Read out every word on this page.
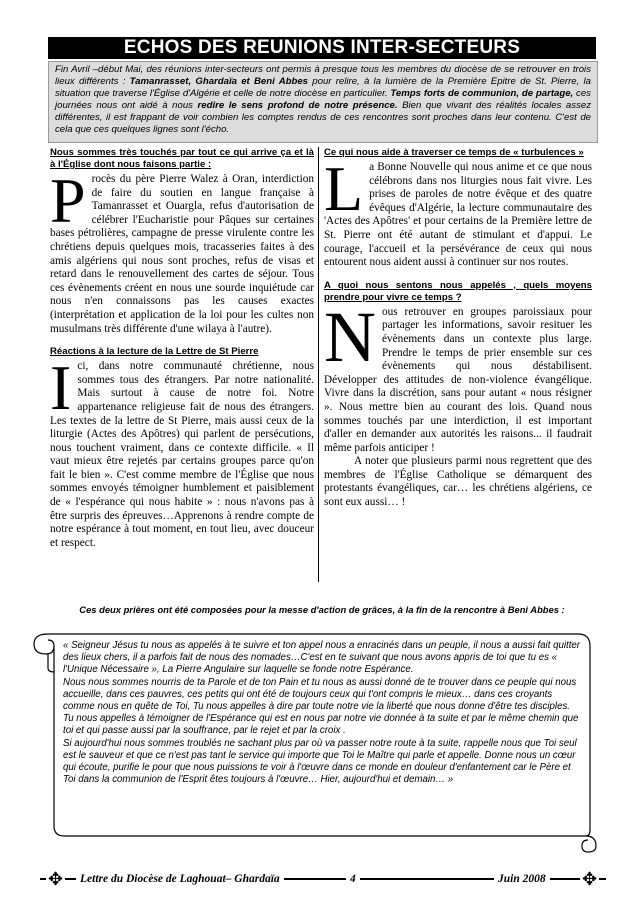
ECHOS DES REUNIONS INTER-SECTEURS
Fin Avril –début Mai, des réunions inter-secteurs ont permis à presque tous les membres du diocèse de se retrouver en trois lieux différents : Tamanrasset, Ghardaïa et Beni Abbes pour relire, à la lumière de la Première Epitre de St. Pierre, la situation que traverse l'Église d'Algérie et celle de notre diocèse en particulier. Temps forts de communion, de partage, ces journées nous ont aidé à nous redire le sens profond de notre présence. Bien que vivant des réalités locales assez différentes, il est frappant de voir combien les comptes rendus de ces rencontres sont proches dans leur contenu. C'est de cela que ces quelques lignes sont l'écho.
Nous sommes très touchés par tout ce qui arrive ça et là à l'Église dont nous faisons partie :

Procès du père Pierre Walez à Oran, interdiction de faire du soutien en langue française à Tamanrasset et Ouargla, refus d'autorisation de célébrer l'Eucharistie pour Pâques sur certaines bases pétrolières, campagne de presse virulente contre les chrétiens depuis quelques mois, tracasseries faites à des amis algériens qui nous sont proches, refus de visas et retard dans le renouvellement des cartes de séjour. Tous ces évènements créent en nous une sourde inquiétude car nous n'en connaissons pas les causes exactes (interprétation et application de la loi pour les cultes non musulmans très différente d'une wilaya à l'autre).

Réactions à la lecture de la Lettre de St Pierre

Ici, dans notre communauté chrétienne, nous sommes tous des étrangers. Par notre nationalité. Mais surtout à cause de notre foi. Notre appartenance religieuse fait de nous des étrangers. Les textes de la lettre de St Pierre, mais aussi ceux de la liturgie (Actes des Apôtres) qui parlent de persécutions, nous touchent vraiment, dans ce contexte difficile. « Il vaut mieux être rejetés par certains groupes parce qu'on fait le bien ». C'est comme membre de l'Église que nous sommes envoyés témoigner humblement et paisiblement de « l'espérance qui nous habite » : nous n'avons pas à être surpris des épreuves…Apprenons à rendre compte de notre espérance à tout moment, en tout lieu, avec douceur et respect.

Ce qui nous aide à traverser ce temps de « turbulences »

La Bonne Nouvelle qui nous anime et ce que nous célébrons dans nos liturgies nous fait vivre. Les prises de paroles de notre évêque et des quatre évêques d'Algérie, la lecture communautaire des 'Actes des Apôtres' et pour certains de la Première lettre de St. Pierre ont été autant de stimulant et d'appui. Le courage, l'accueil et la persévérance de ceux qui nous entourent nous aident aussi à continuer sur nos routes.

A quoi nous sentons nous appelés , quels moyens prendre pour vivre ce temps ?

Nous retrouver en groupes paroissiaux pour partager les informations, savoir resituer les évènements dans un contexte plus large. Prendre le temps de prier ensemble sur ces évènements qui nous déstabilisent. Développer des attitudes de non-violence évangélique. Vivre dans la discrétion, sans pour autant « nous résigner ». Nous mettre bien au courant des lois. Quand nous sommes touchés par une interdiction, il est important d'aller en demander aux autorités les raisons... il faudrait même parfois anticiper !

A noter que plusieurs parmi nous regrettent que des membres de l'Église Catholique se démarquent des protestants évangéliques, car… les chrétiens algériens, ce sont eux aussi… !

Ces deux prières ont été composées pour la messe d'action de grâces, à la fin de la rencontre à Beni Abbes :

« Seigneur Jésus tu nous as appelés à te suivre et ton appel nous a enracinés dans un peuple, il nous a aussi fait quitter des lieux chers, il a parfois fait de nous des nomades…C'est en te suivant que nous avons appris de toi que tu es « l'Unique Nécessaire », La Pierre Angulaire sur laquelle se fonde notre Espérance.

Nous nous sommes nourris de ta Parole et de ton Pain et tu nous as aussi donné de te trouver dans ce peuple qui nous accueille, dans ces pauvres, ces petits qui ont été de toujours ceux qui t'ont compris le mieux… dans ces croyants comme nous en quête de Toi, Tu nous appelles à dire par toute notre vie la liberté que nous donne d'être tes disciples.

Tu nous appelles à témoigner de l'Espérance qui est en nous par notre vie donnée à ta suite et par le même chemin que toi et qui passe aussi par la souffrance, par le rejet et par la croix .

Si aujourd'hui nous sommes troublés ne sachant plus par où va passer notre route à ta suite, rappelle nous que Toi seul est le sauveur et que ce n'est pas tant le service qui importe que Toi le Maître qui parle et appelle. Donne nous un cœur qui écoute, purifie le pour que nous puissions te voir à l'œuvre dans ce monde en douleur d'enfantement car le Père et Toi dans la communion de l'Esprit êtes toujours à l'œuvre… Hier, aujourd'hui et demain… »

✥	Lettre du Diocèse de Laghouat– Ghardaïa	4	Juin 2008 ✥
